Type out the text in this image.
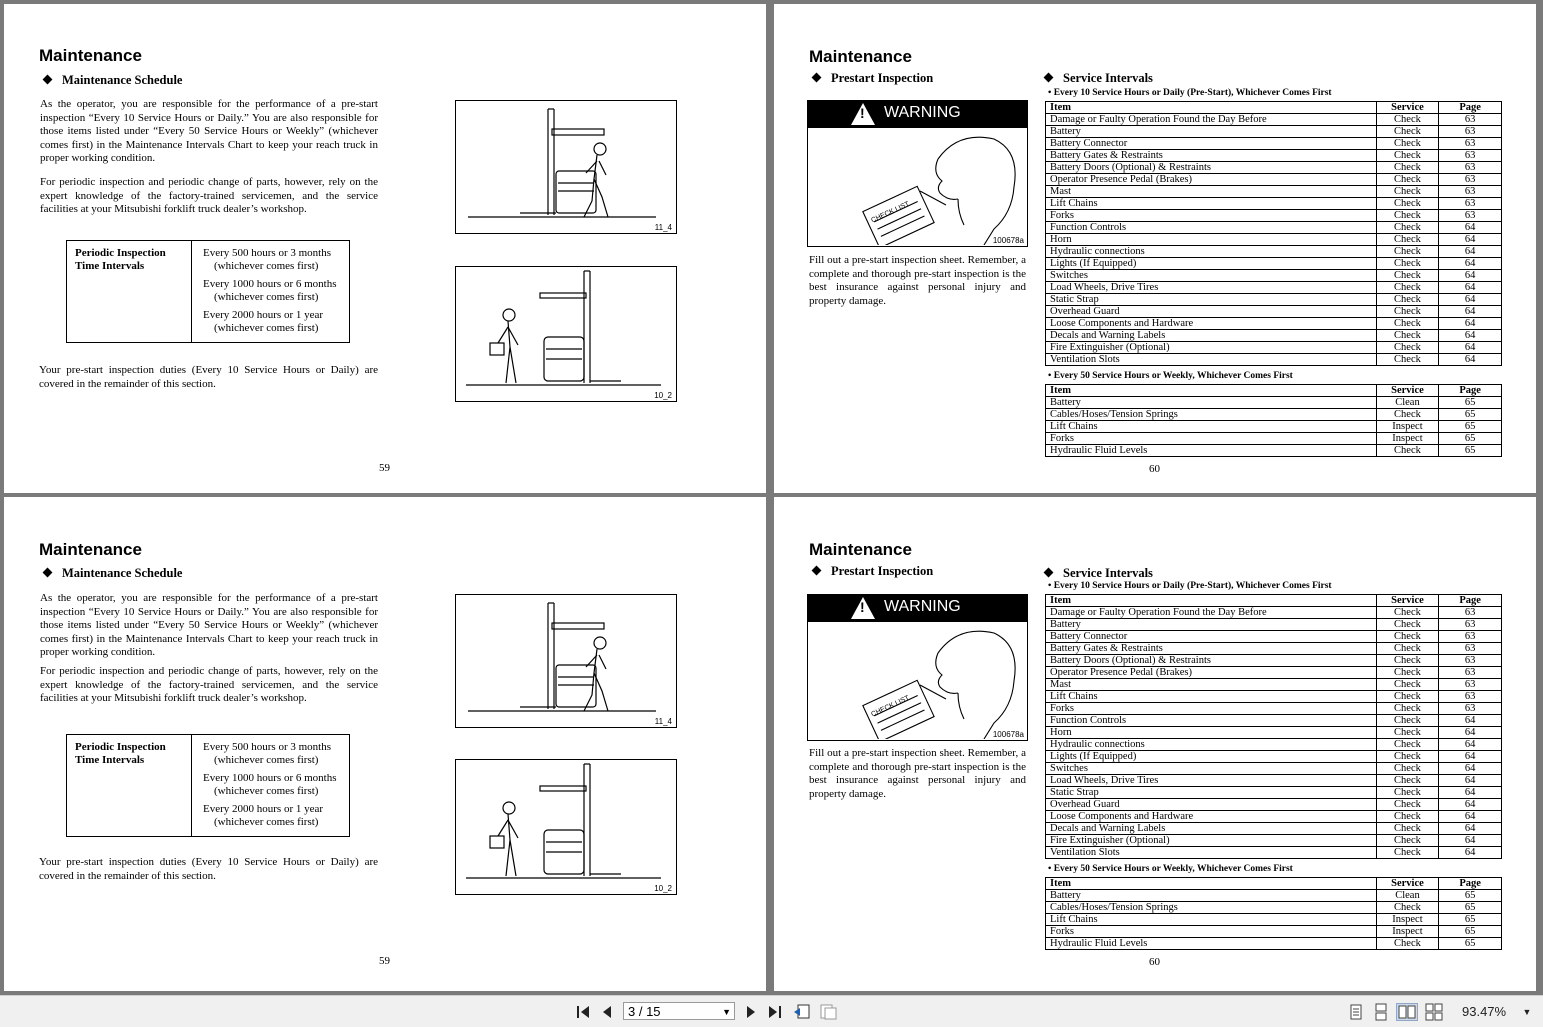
Maintenance
Maintenance Schedule
As the operator, you are responsible for the performance of a pre-start inspection “Every 10 Service Hours or Daily.” You are also responsible for those items listed under “Every 50 Service Hours or Weekly” (whichever comes first) in the Maintenance Intervals Chart to keep your reach truck in proper working condition.
For periodic inspection and periodic change of parts, however, rely on the expert knowledge of the factory-trained servicemen, and the service facilities at your Mitsubishi forklift truck dealer’s workshop.
Periodic Inspection
Time Intervals
Every 500 hours or 3 months
(whichever comes first)
Every 1000 hours or 6 months
(whichever comes first)
Every 2000 hours or 1 year
(whichever comes first)
Your pre-start inspection duties (Every 10 Service Hours or Daily) are covered in the remainder of this section.
11_4
10_2
59
Maintenance
Prestart Inspection
! WARNING
CHECK LIST
100678a
Fill out a pre-start inspection sheet. Remember, a complete and thorough pre-start inspection is the best insurance against personal injury and property damage.
Service Intervals
• Every 10 Service Hours or Daily (Pre-Start), Whichever Comes First
Item	Service	Page
Damage or Faulty Operation Found the Day Before	Check	63
Battery	Check	63
Battery Connector	Check	63
Battery Gates & Restraints	Check	63
Battery Doors (Optional) & Restraints	Check	63
Operator Presence Pedal (Brakes)	Check	63
Mast	Check	63
Lift Chains	Check	63
Forks	Check	63
Function Controls	Check	64
Horn	Check	64
Hydraulic connections	Check	64
Lights (If Equipped)	Check	64
Switches	Check	64
Load Wheels, Drive Tires	Check	64
Static Strap	Check	64
Overhead Guard	Check	64
Loose Components and Hardware	Check	64
Decals and Warning Labels	Check	64
Fire Extinguisher (Optional)	Check	64
Ventilation Slots	Check	64
• Every 50 Service Hours or Weekly, Whichever Comes First
Item	Service	Page
Battery	Clean	65
Cables/Hoses/Tension Springs	Check	65
Lift Chains	Inspect	65
Forks	Inspect	65
Hydraulic Fluid Levels	Check	65
60
Maintenance
Maintenance Schedule
As the operator, you are responsible for the performance of a pre-start inspection “Every 10 Service Hours or Daily.” You are also responsible for those items listed under “Every 50 Service Hours or Weekly” (whichever comes first) in the Maintenance Intervals Chart to keep your reach truck in proper working condition.
For periodic inspection and periodic change of parts, however, rely on the expert knowledge of the factory-trained servicemen, and the service facilities at your Mitsubishi forklift truck dealer’s workshop.
Periodic Inspection
Time Intervals
Every 500 hours or 3 months
(whichever comes first)
Every 1000 hours or 6 months
(whichever comes first)
Every 2000 hours or 1 year
(whichever comes first)
Your pre-start inspection duties (Every 10 Service Hours or Daily) are covered in the remainder of this section.
11_4
10_2
59
Maintenance
Prestart Inspection
! WARNING
CHECK LIST
100678a
Fill out a pre-start inspection sheet. Remember, a complete and thorough pre-start inspection is the best insurance against personal injury and property damage.
Service Intervals
• Every 10 Service Hours or Daily (Pre-Start), Whichever Comes First
Item	Service	Page
Damage or Faulty Operation Found the Day Before	Check	63
Battery	Check	63
Battery Connector	Check	63
Battery Gates & Restraints	Check	63
Battery Doors (Optional) & Restraints	Check	63
Operator Presence Pedal (Brakes)	Check	63
Mast	Check	63
Lift Chains	Check	63
Forks	Check	63
Function Controls	Check	64
Horn	Check	64
Hydraulic connections	Check	64
Lights (If Equipped)	Check	64
Switches	Check	64
Load Wheels, Drive Tires	Check	64
Static Strap	Check	64
Overhead Guard	Check	64
Loose Components and Hardware	Check	64
Decals and Warning Labels	Check	64
Fire Extinguisher (Optional)	Check	64
Ventilation Slots	Check	64
• Every 50 Service Hours or Weekly, Whichever Comes First
Item	Service	Page
Battery	Clean	65
Cables/Hoses/Tension Springs	Check	65
Lift Chains	Inspect	65
Forks	Inspect	65
Hydraulic Fluid Levels	Check	65
60
3 / 15	▼	93.47% ▼
